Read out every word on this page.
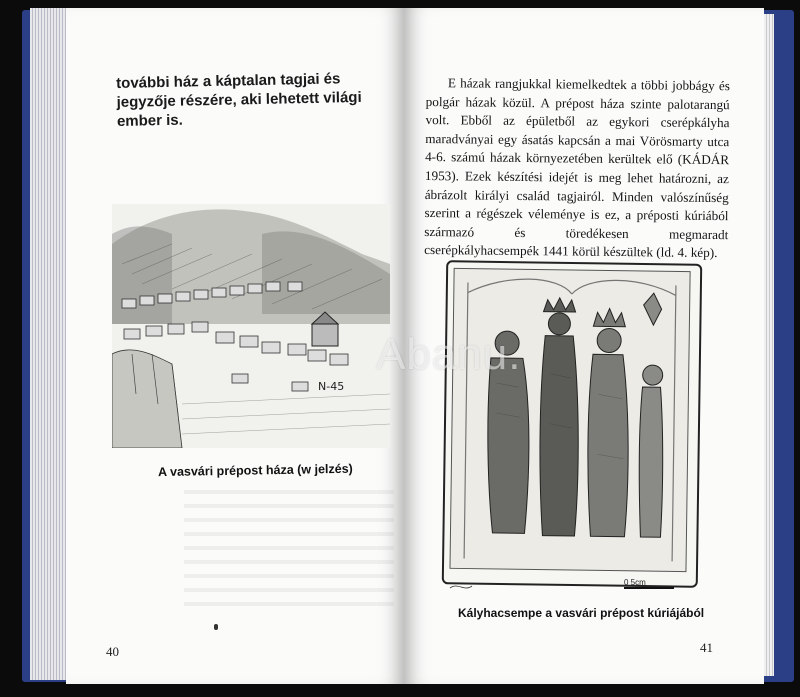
további ház a káptalan tagjai és jegyzője részére, aki lehetett világi ember is.
N-45
A vasvári prépost háza (w jelzés)
40

E házak rangjukkal kiemelkedtek a többi jobbágy és polgár házak közül. A prépost háza szinte palotarangú volt. Ebből az épületből az egykori cserépkályha maradványai egy ásatás kapcsán a mai Vörösmarty utca 4-6. számú házak környezetében kerültek elő (KÁDÁR 1953). Ezek készítési idejét is meg lehet határozni, az ábrázolt királyi család tagjairól. Minden valószínűség szerint a régészek véleménye is ez, a préposti kúriából származó és töredékesen megmaradt cserépkályhacsempék 1441 körül készültek (ld. 4. kép).

0 5cm
Kályhacsempe a vasvári prépost kúriájából
41
Abanu.
